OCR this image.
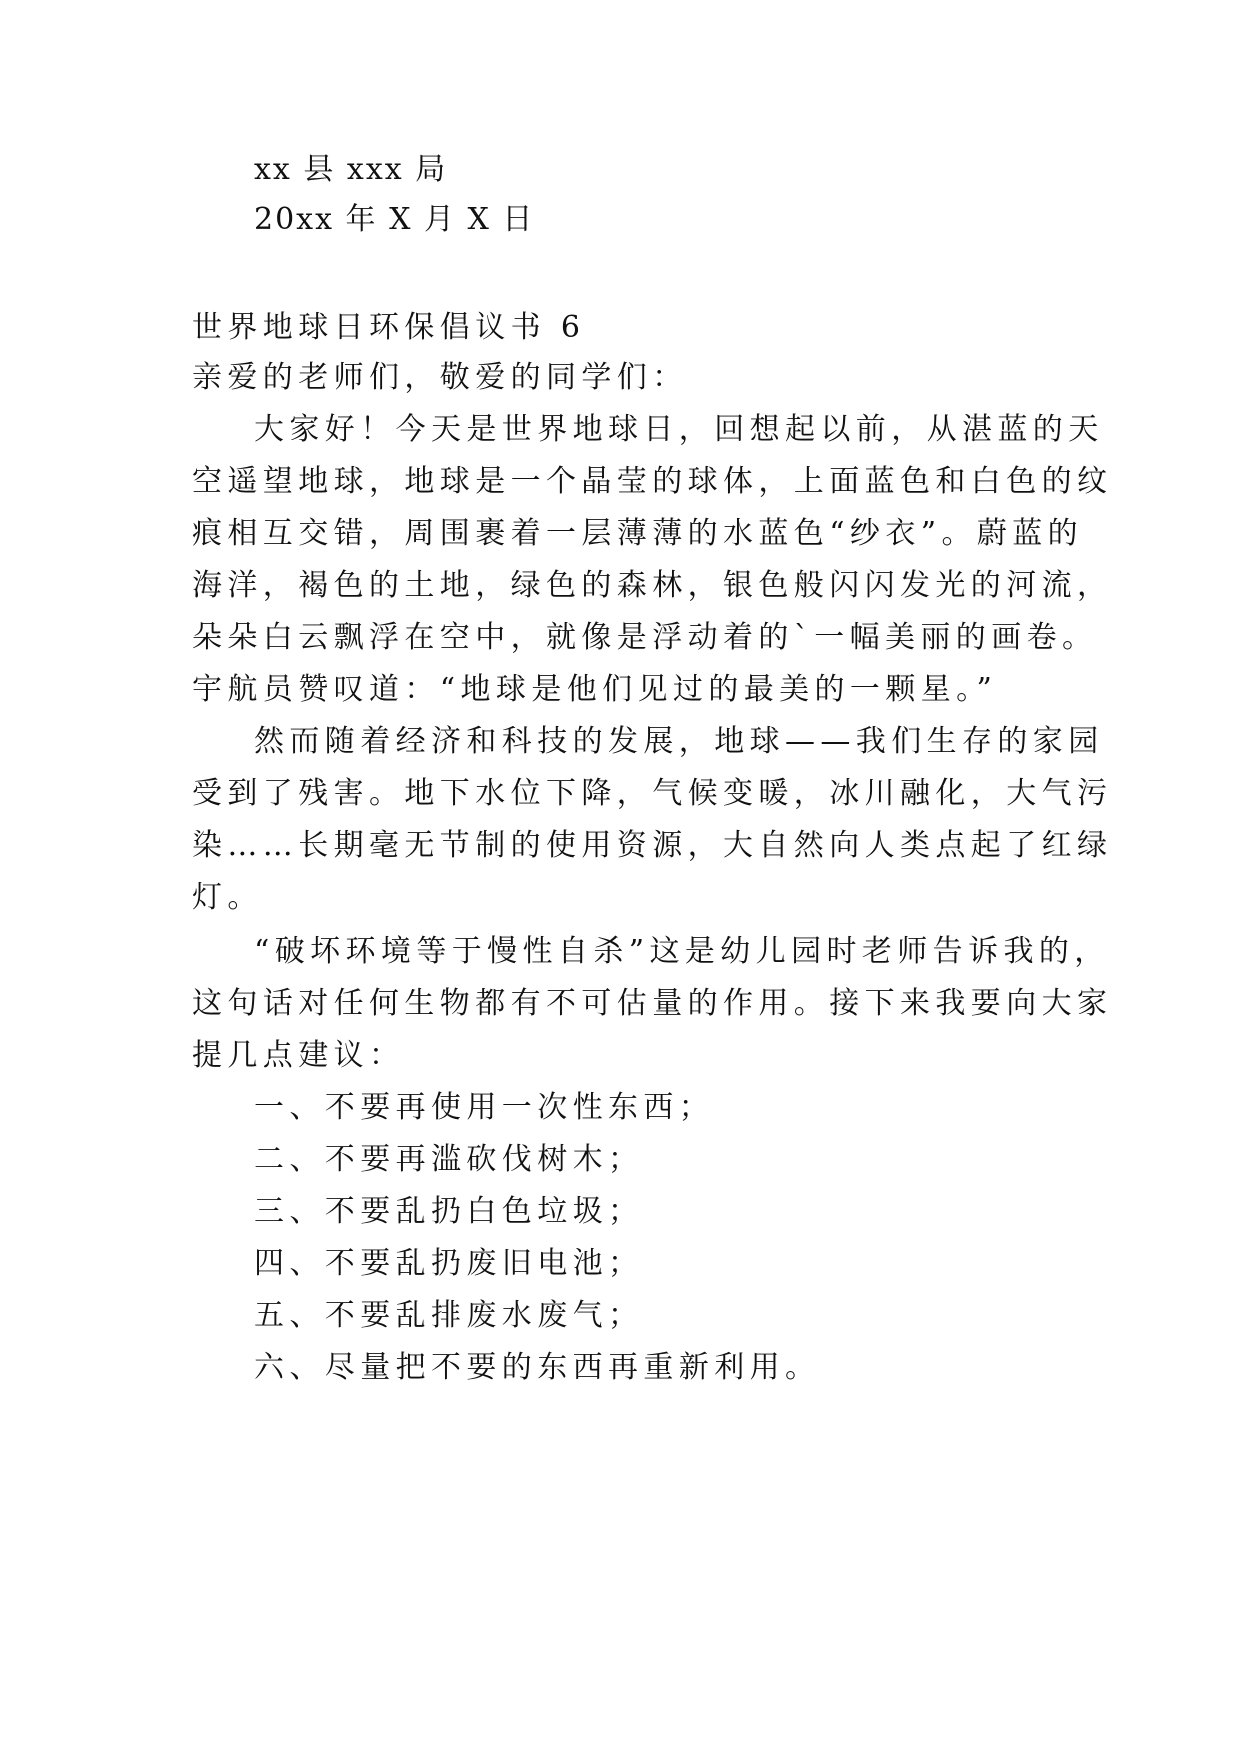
xx 县 xxx 局
20xx 年 X 月 X 日
世界地球日环保倡议书 6
亲爱的老师们，敬爱的同学们：
大家好！今天是世界地球日，回想起以前，从湛蓝的天
空遥望地球，地球是一个晶莹的球体，上面蓝色和白色的纹
痕相互交错，周围裹着一层薄薄的水蓝色“纱衣”。蔚蓝的
海洋，褐色的土地，绿色的森林，银色般闪闪发光的河流，
朵朵白云飘浮在空中，就像是浮动着的`一幅美丽的画卷。
宇航员赞叹道：“地球是他们见过的最美的一颗星。”
然而随着经济和科技的发展，地球——我们生存的家园
受到了残害。地下水位下降，气候变暖，冰川融化，大气污
染……长期毫无节制的使用资源，大自然向人类点起了红绿
灯。
“破坏环境等于慢性自杀”这是幼儿园时老师告诉我的，
这句话对任何生物都有不可估量的作用。接下来我要向大家
提几点建议：
一、不要再使用一次性东西；
二、不要再滥砍伐树木；
三、不要乱扔白色垃圾；
四、不要乱扔废旧电池；
五、不要乱排废水废气；
六、尽量把不要的东西再重新利用。
